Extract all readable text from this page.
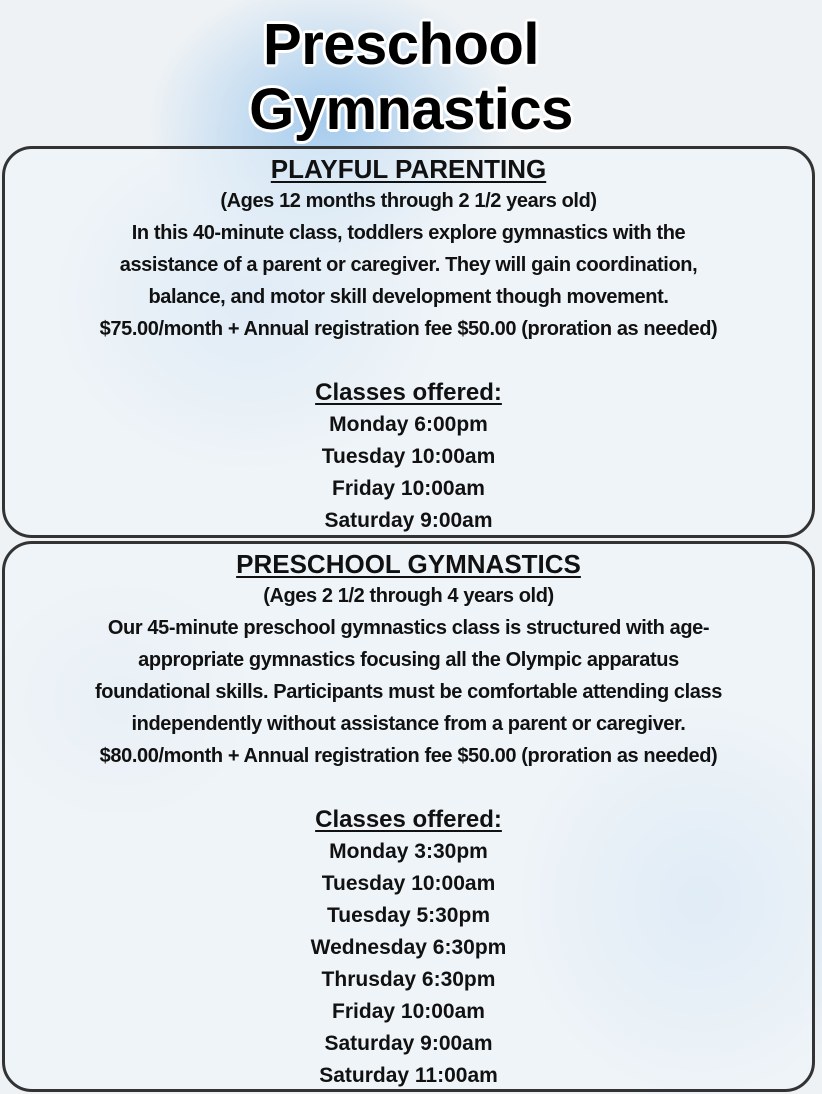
Preschool
Gymnastics
PLAYFUL PARENTING
(Ages 12 months through 2 1/2 years old)
In this 40-minute class, toddlers explore gymnastics with the
assistance of a parent or caregiver. They will gain coordination,
balance, and motor skill development though movement.
$75.00/month + Annual registration fee $50.00 (proration as needed)
Classes offered:
Monday 6:00pm
Tuesday 10:00am
Friday 10:00am
Saturday 9:00am
PRESCHOOL GYMNASTICS
(Ages 2 1/2 through 4 years old)
Our 45-minute preschool gymnastics class is structured with age-
appropriate gymnastics focusing all the Olympic apparatus
foundational skills. Participants must be comfortable attending class
independently without assistance from a parent or caregiver.
$80.00/month + Annual registration fee $50.00 (proration as needed)
Classes offered:
Monday 3:30pm
Tuesday 10:00am
Tuesday 5:30pm
Wednesday 6:30pm
Thrusday 6:30pm
Friday 10:00am
Saturday 9:00am
Saturday 11:00am
